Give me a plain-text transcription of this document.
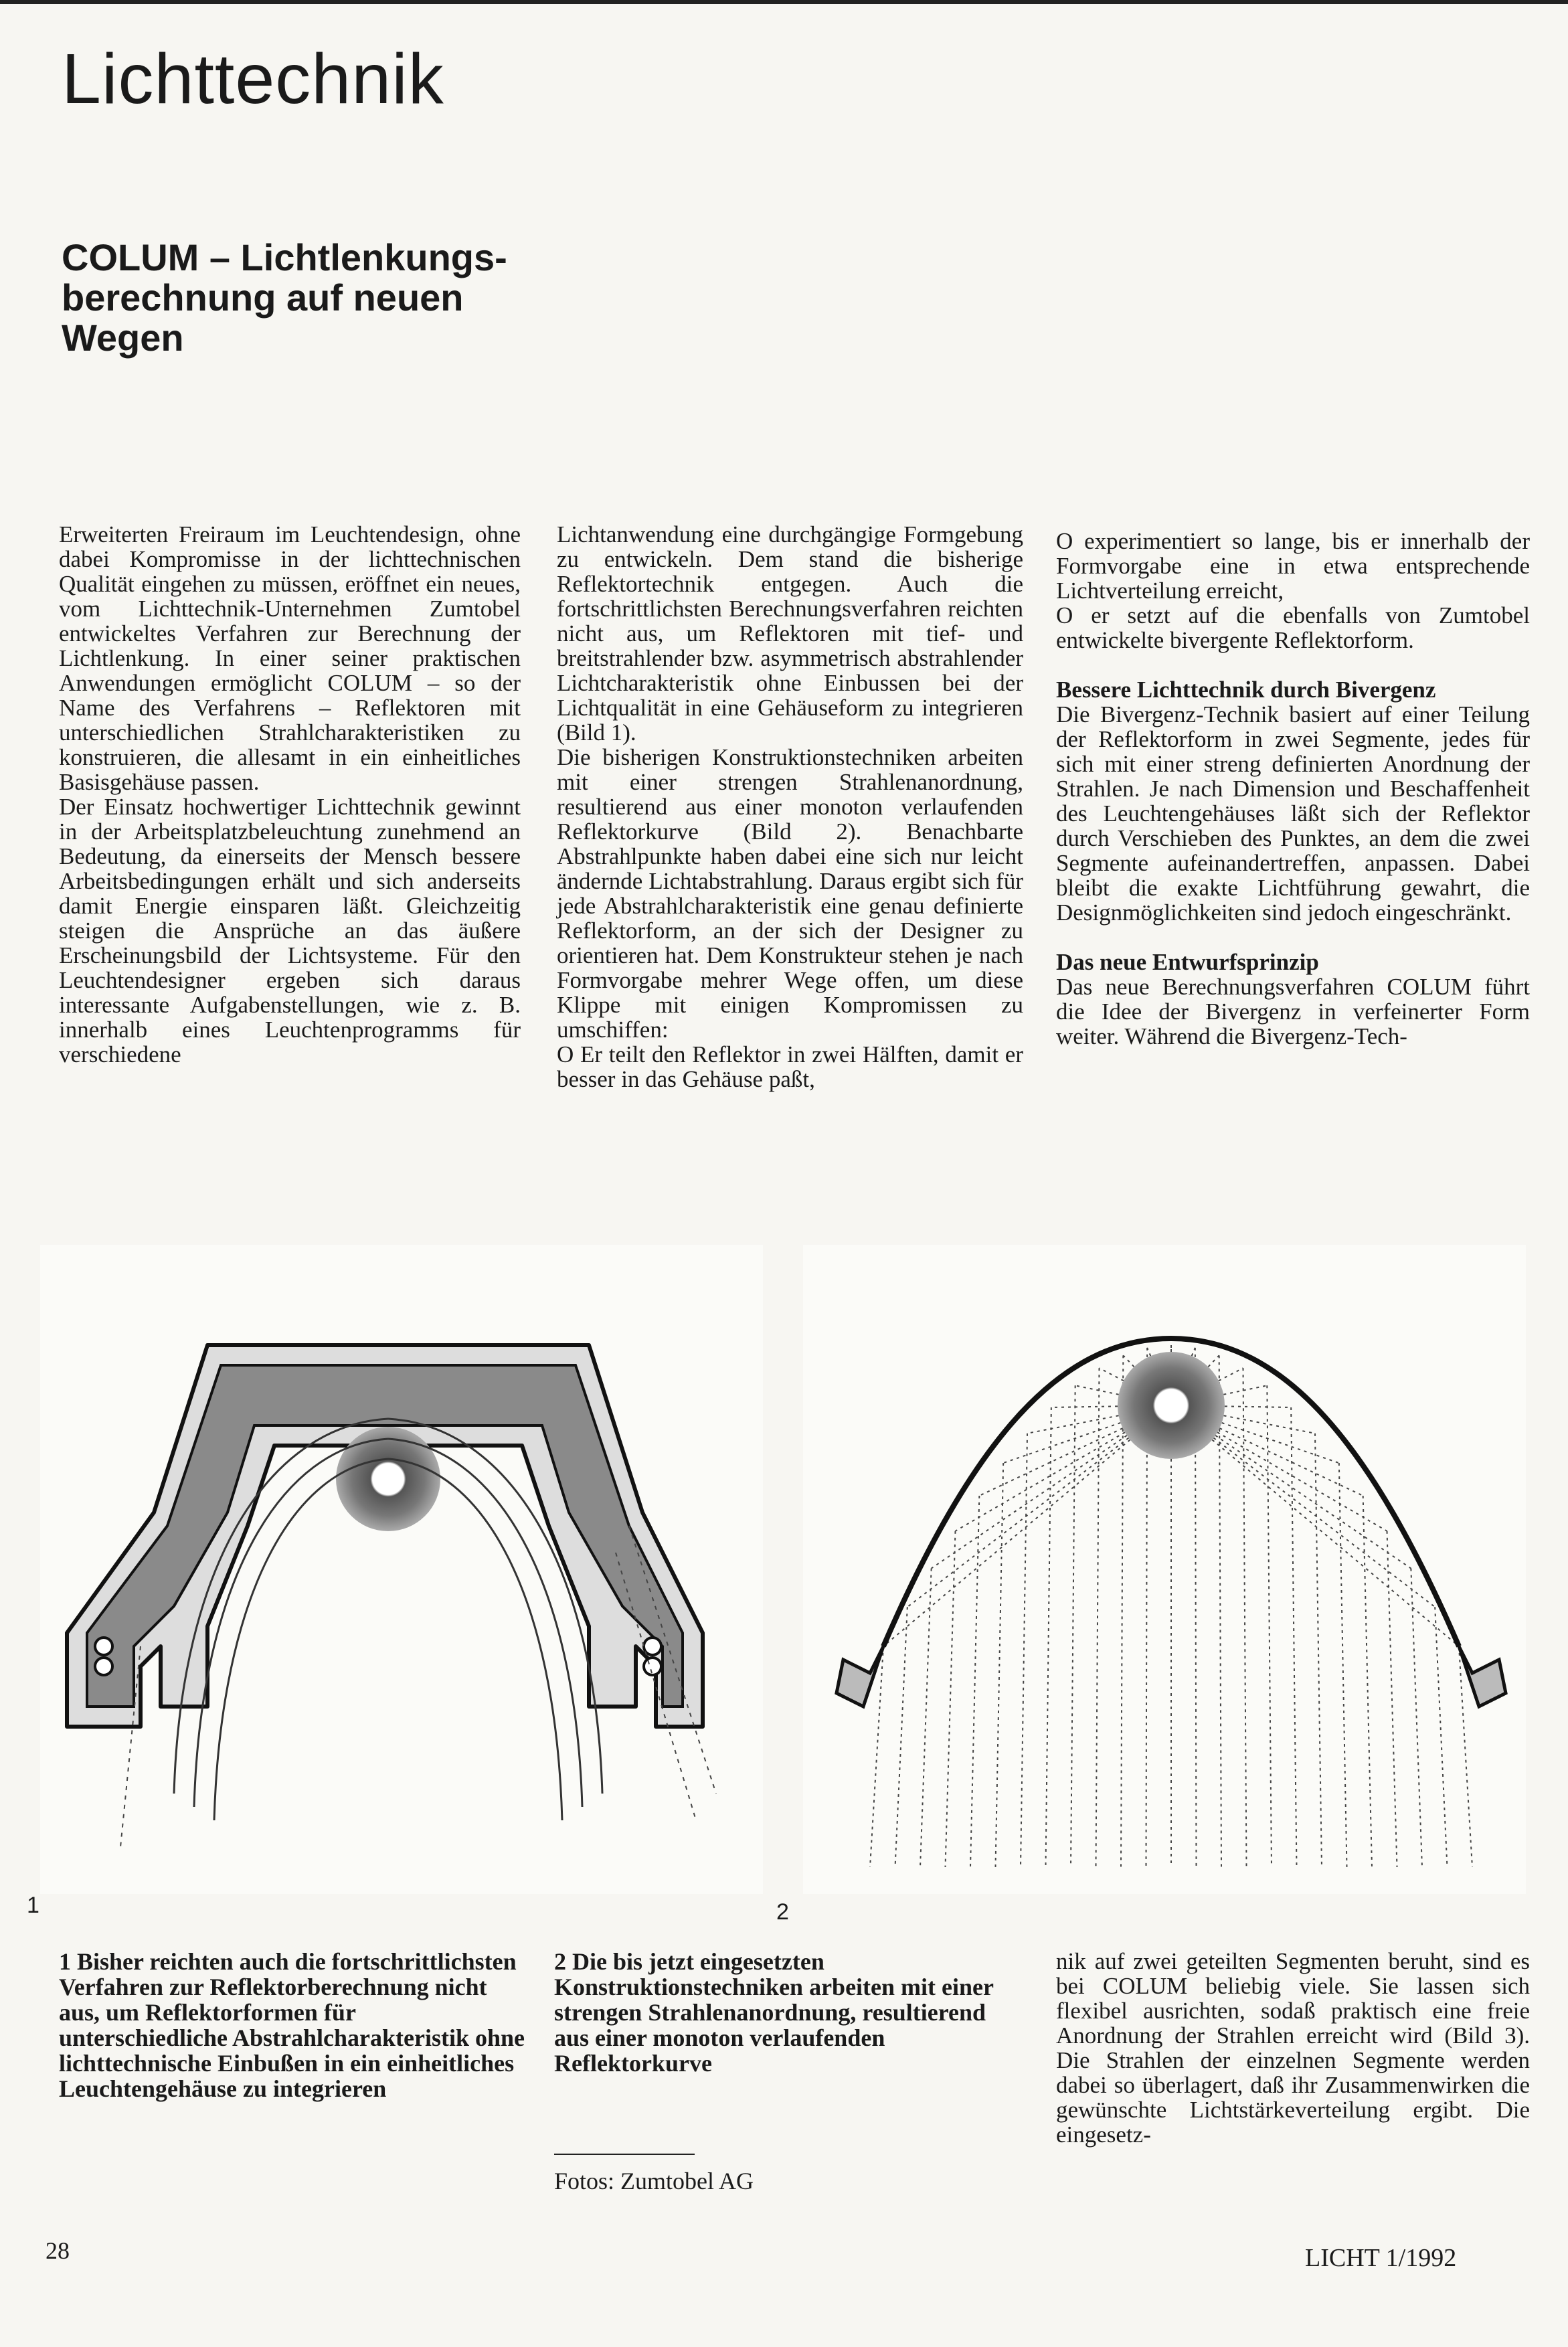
Lichttechnik
COLUM – Lichtlenkungsberechnung auf neuen Wegen

Erweiterten Freiraum im Leuchtendesign, ohne dabei Kompromisse in der lichttechnischen Qualität eingehen zu müssen, eröffnet ein neues, vom Lichttechnik-Unternehmen Zumtobel entwickeltes Verfahren zur Berechnung der Lichtlenkung. In einer seiner praktischen Anwendungen ermöglicht COLUM – so der Name des Verfahrens – Reflektoren mit unterschiedlichen Strahlcharakteristiken zu konstruieren, die allesamt in ein einheitliches Basisgehäuse passen.

Der Einsatz hochwertiger Lichttechnik gewinnt in der Arbeitsplatzbeleuchtung zunehmend an Bedeutung, da einerseits der Mensch bessere Arbeitsbedingungen erhält und sich anderseits damit Energie einsparen läßt. Gleichzeitig steigen die Ansprüche an das äußere Erscheinungsbild der Lichtsysteme. Für den Leuchtendesigner ergeben sich daraus interessante Aufgabenstellungen, wie z. B. innerhalb eines Leuchtenprogramms für verschiedene

Lichtanwendung eine durchgängige Formgebung zu entwickeln. Dem stand die bisherige Reflektortechnik entgegen. Auch die fortschrittlichsten Berechnungsverfahren reichten nicht aus, um Reflektoren mit tief- und breitstrahlender bzw. asymmetrisch abstrahlender Lichtcharakteristik ohne Einbussen bei der Lichtqualität in eine Gehäuseform zu integrieren (Bild 1).

Die bisherigen Konstruktionstechniken arbeiten mit einer strengen Strahlenanordnung, resultierend aus einer monoton verlaufenden Reflektorkurve (Bild 2). Benachbarte Abstrahlpunkte haben dabei eine sich nur leicht ändernde Lichtabstrahlung. Daraus ergibt sich für jede Abstrahlcharakteristik eine genau definierte Reflektorform, an der sich der Designer zu orientieren hat. Dem Konstrukteur stehen je nach Formvorgabe mehrer Wege offen, um diese Klippe mit einigen Kompromissen zu umschiffen:

O Er teilt den Reflektor in zwei Hälften, damit er besser in das Gehäuse paßt,

O experimentiert so lange, bis er innerhalb der Formvorgabe eine in etwa entsprechende Lichtverteilung erreicht,

O er setzt auf die ebenfalls von Zumtobel entwickelte bivergente Reflektorform.

Bessere Lichttechnik durch Bivergenz

Die Bivergenz-Technik basiert auf einer Teilung der Reflektorform in zwei Segmente, jedes für sich mit einer streng definierten Anordnung der Strahlen. Je nach Dimension und Beschaffenheit des Leuchtengehäuses läßt sich der Reflektor durch Verschieben des Punktes, an dem die zwei Segmente aufeinandertreffen, anpassen. Dabei bleibt die exakte Lichtführung gewahrt, die Designmöglichkeiten sind jedoch eingeschränkt.

Das neue Entwurfsprinzip

Das neue Berechnungsverfahren COLUM führt die Idee der Bivergenz in verfeinerter Form weiter. Während die Bivergenz-Tech-

1	2
1 Bisher reichten auch die fortschrittlichsten Verfahren zur Reflektorberechnung nicht aus, um Reflektorformen für unterschiedliche Abstrahlcharakteristik ohne lichttechnische Einbußen in ein einheitliches Leuchtengehäuse zu integrieren
2 Die bis jetzt eingesetzten Konstruktionstechniken arbeiten mit einer strengen Strahlenanordnung, resultierend aus einer monoton verlaufenden Reflektorkurve
Fotos: Zumtobel AG

nik auf zwei geteilten Segmenten beruht, sind es bei COLUM beliebig viele. Sie lassen sich flexibel ausrichten, sodaß praktisch eine freie Anordnung der Strahlen erreicht wird (Bild 3). Die Strahlen der einzelnen Segmente werden dabei so überlagert, daß ihr Zusammenwirken die gewünschte Lichtstärkeverteilung ergibt. Die eingesetz-

28	LICHT 1/1992
